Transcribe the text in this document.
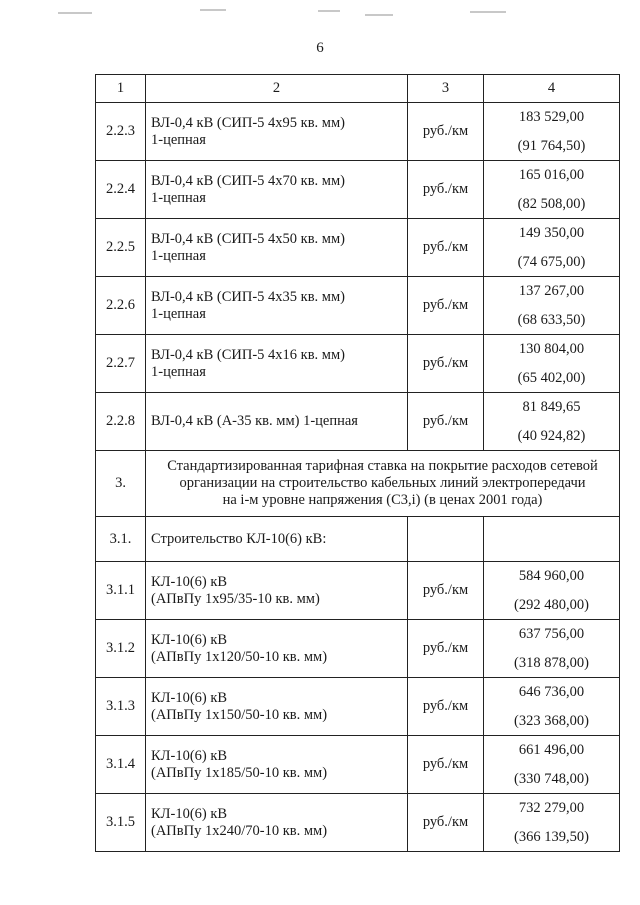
6
1	2	3	4
2.2.3	ВЛ-0,4 кВ (СИП-5 4х95 кв. мм)
1-цепная	руб./км	183 529,00
(91 764,50)

2.2.4	ВЛ-0,4 кВ (СИП-5 4х70 кв. мм)
1-цепная	руб./км	165 016,00
(82 508,00)

2.2.5	ВЛ-0,4 кВ (СИП-5 4х50 кв. мм)
1-цепная	руб./км	149 350,00
(74 675,00)

2.2.6	ВЛ-0,4 кВ (СИП-5 4х35 кв. мм)
1-цепная	руб./км	137 267,00
(68 633,50)

2.2.7	ВЛ-0,4 кВ (СИП-5 4х16 кв. мм)
1-цепная	руб./км	130 804,00
(65 402,00)

2.2.8	ВЛ-0,4 кВ (А-35 кв. мм) 1-цепная	руб./км	81 849,65
(40 924,82)

3.	Стандартизированная тарифная ставка на покрытие расходов сетевой
организации на строительство кабельных линий электропередачи
на i-м уровне напряжения (С3,i) (в ценах 2001 года)		

3.1.	Строительство КЛ-10(6) кВ:		

3.1.1	КЛ-10(6) кВ
(АПвПу 1х95/35-10 кв. мм)	руб./км	584 960,00
(292 480,00)

3.1.2	КЛ-10(6) кВ
(АПвПу 1х120/50-10 кв. мм)	руб./км	637 756,00
(318 878,00)

3.1.3	КЛ-10(6) кВ
(АПвПу 1х150/50-10 кв. мм)	руб./км	646 736,00
(323 368,00)

3.1.4	КЛ-10(6) кВ
(АПвПу 1х185/50-10 кв. мм)	руб./км	661 496,00
(330 748,00)

3.1.5	КЛ-10(6) кВ
(АПвПу 1х240/70-10 кв. мм)	руб./км	732 279,00
(366 139,50)
